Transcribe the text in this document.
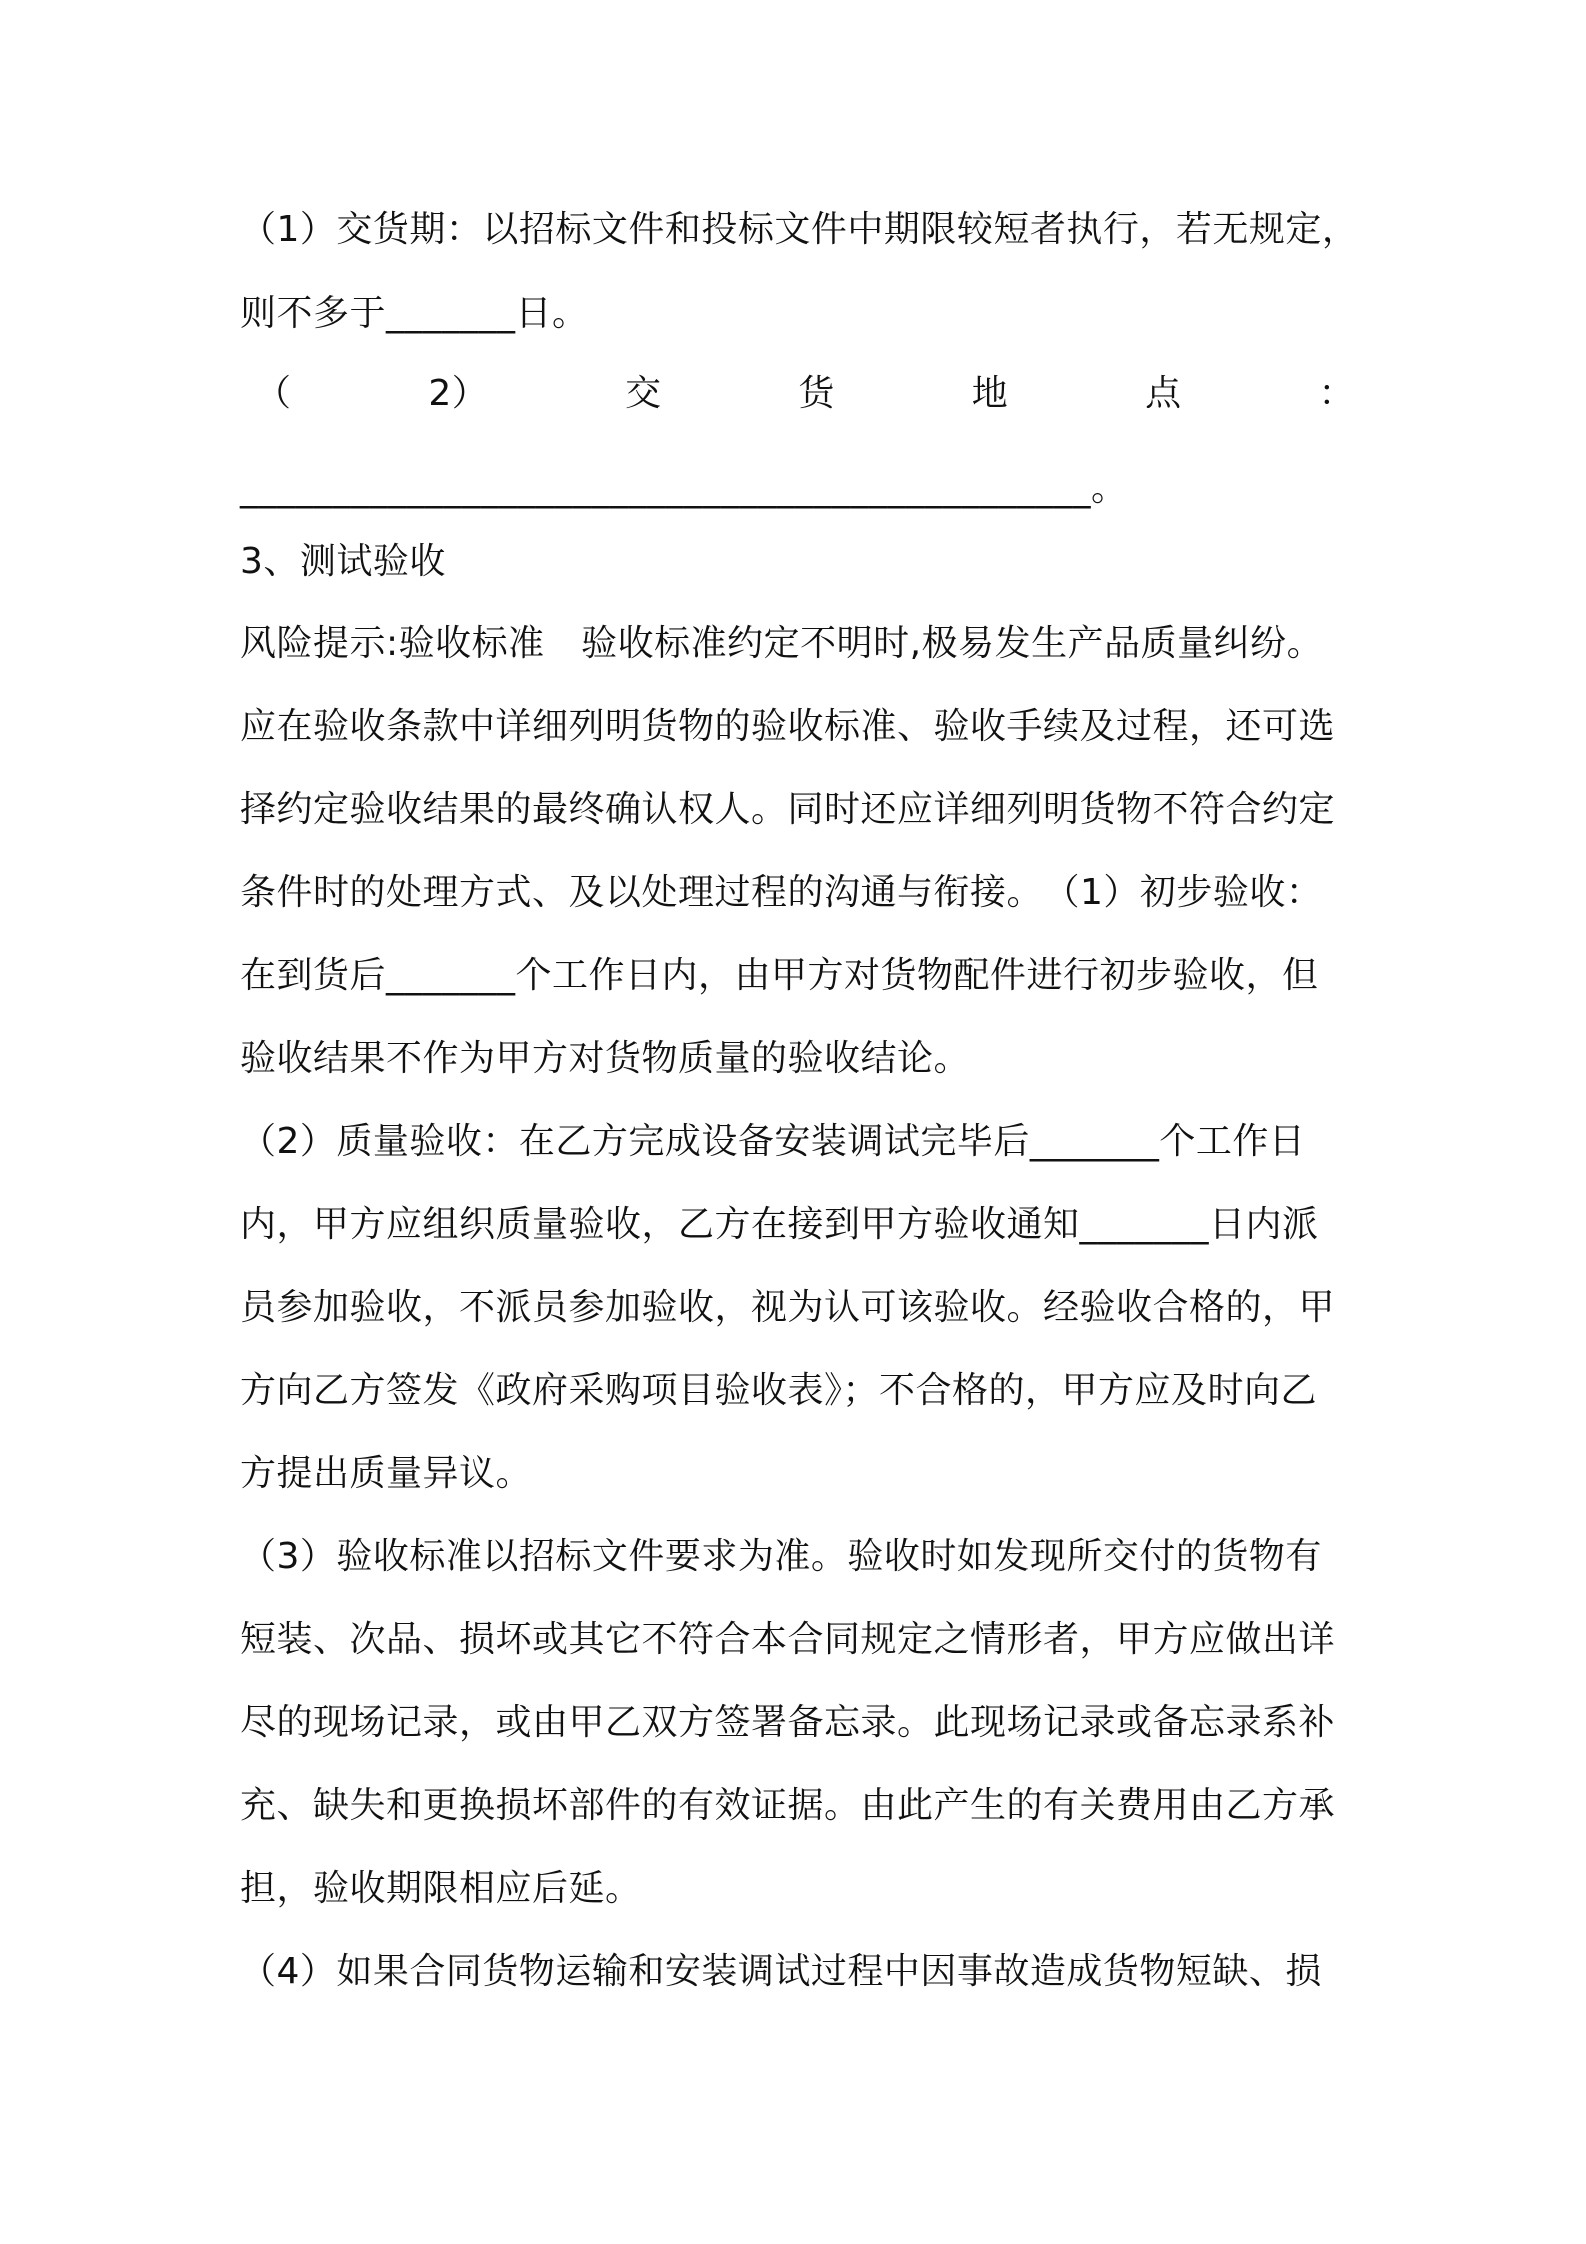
（1）交货期：以招标文件和投标文件中期限较短者执行，若无规定，
则不多于_______日。
（	2）	交	货	地	点	：
______________________________________________。
3、测试验收
风险提示:验收标准　验收标准约定不明时,极易发生产品质量纠纷。
应在验收条款中详细列明货物的验收标准、验收手续及过程，还可选
择约定验收结果的最终确认权人。同时还应详细列明货物不符合约定
条件时的处理方式、及以处理过程的沟通与衔接。　（1）初步验收：
在到货后_______个工作日内，由甲方对货物配件进行初步验收，但
验收结果不作为甲方对货物质量的验收结论。
（2）质量验收：在乙方完成设备安装调试完毕后_______个工作日
内，甲方应组织质量验收，乙方在接到甲方验收通知_______日内派
员参加验收，不派员参加验收，视为认可该验收。经验收合格的，甲
方向乙方签发《政府采购项目验收表》；不合格的，甲方应及时向乙
方提出质量异议。
（3）验收标准以招标文件要求为准。验收时如发现所交付的货物有
短装、次品、损坏或其它不符合本合同规定之情形者，甲方应做出详
尽的现场记录，或由甲乙双方签署备忘录。此现场记录或备忘录系补
充、缺失和更换损坏部件的有效证据。由此产生的有关费用由乙方承
担，验收期限相应后延。
（4）如果合同货物运输和安装调试过程中因事故造成货物短缺、损
